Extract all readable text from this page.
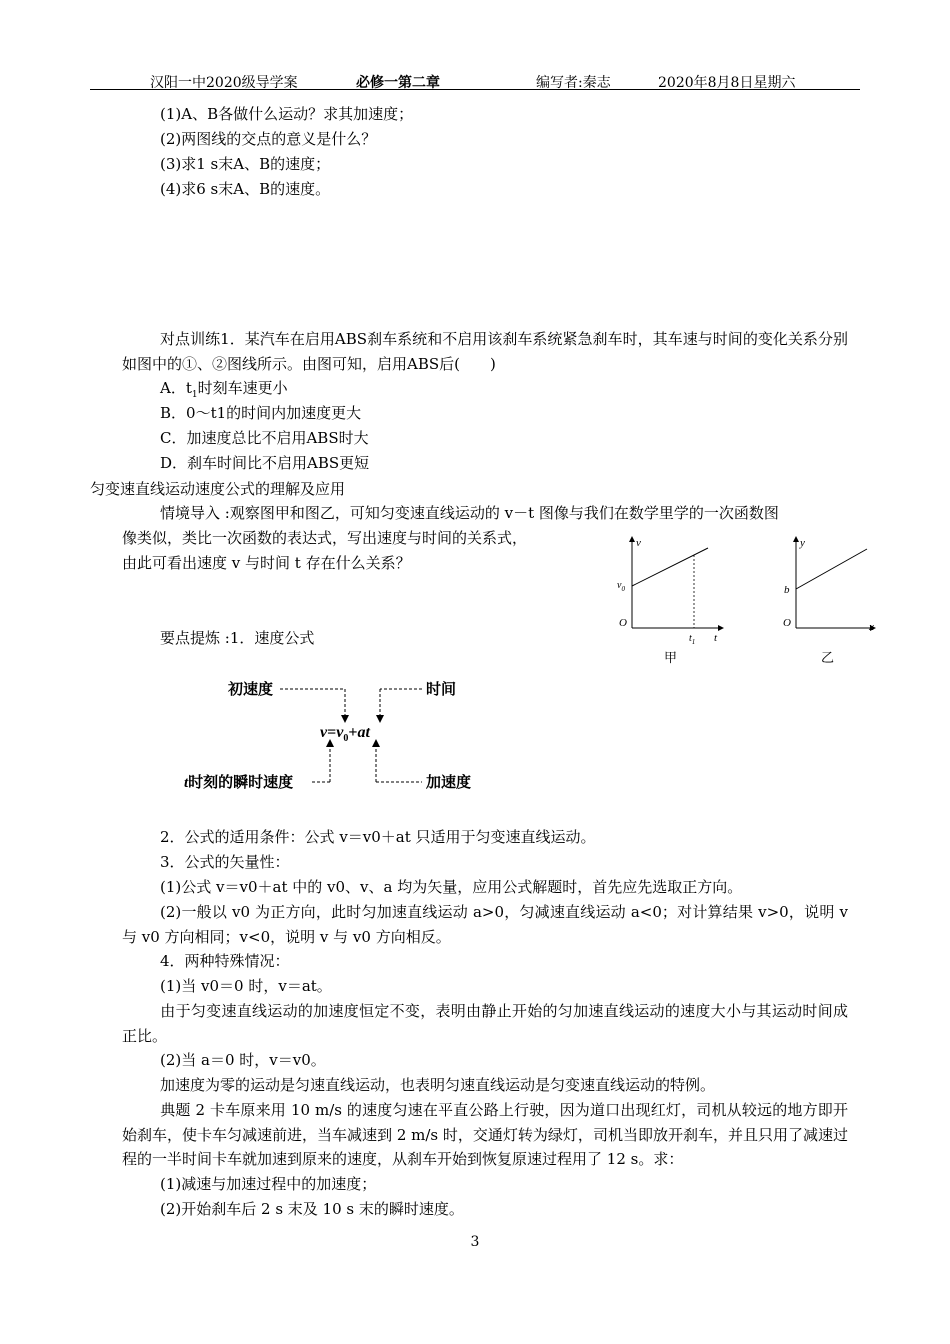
汉阳一中2020级导学案	必修一第二章	编写者:秦志	2020年8月8日星期六
(1)A、B各做什么运动？求其加速度；
(2)两图线的交点的意义是什么？
(3)求1 s末A、B的速度；
(4)求6 s末A、B的速度。
对点训练1．某汽车在启用ABS刹车系统和不启用该刹车系统紧急刹车时，其车速与时间的变化关系分别如图中的①、②图线所示。由图可知，启用ABS后(　　)
A．$t_1$时刻车速更小
B．0～t1的时间内加速度更大
C．加速度总比不启用ABS时大
D．刹车时间比不启用ABS更短
匀变速直线运动速度公式的理解及应用
情境导入 :观察图甲和图乙，可知匀变速直线运动的 v－t 图像与我们在数学里学的一次函数图
像类似，类比一次函数的表达式，写出速度与时间的关系式，
由此可看出速度 v 与时间 t 存在什么关系？
v
t
O
$v_0$
$t_1$
甲
y
x
O
b
乙
要点提炼 :1．速度公式
初速度	时间
t时刻的瞬时速度	加速度
$v=v_0+at$
2．公式的适用条件：公式 v＝v0＋at 只适用于匀变速直线运动。
3．公式的矢量性：
(1)公式 v＝v0＋at 中的 v0、v、a 均为矢量，应用公式解题时，首先应先选取正方向。
(2)一般以 v0 为正方向，此时匀加速直线运动 a>0，匀减速直线运动 a<0；对计算结果 v>0，说明 v 与 v0 方向相同；v<0，说明 v 与 v0 方向相反。
4．两种特殊情况：
(1)当 v0＝0 时，v＝at。
由于匀变速直线运动的加速度恒定不变，表明由静止开始的匀加速直线运动的速度大小与其运动时间成正比。
(2)当 a＝0 时，v＝v0。
加速度为零的运动是匀速直线运动，也表明匀速直线运动是匀变速直线运动的特例。
典题 2 卡车原来用 10 m/s 的速度匀速在平直公路上行驶，因为道口出现红灯，司机从较远的地方即开始刹车，使卡车匀减速前进，当车减速到 2 m/s 时，交通灯转为绿灯，司机当即放开刹车，并且只用了减速过程的一半时间卡车就加速到原来的速度，从刹车开始到恢复原速过程用了 12 s。求：
(1)减速与加速过程中的加速度；
(2)开始刹车后 2 s 末及 10 s 末的瞬时速度。
3
